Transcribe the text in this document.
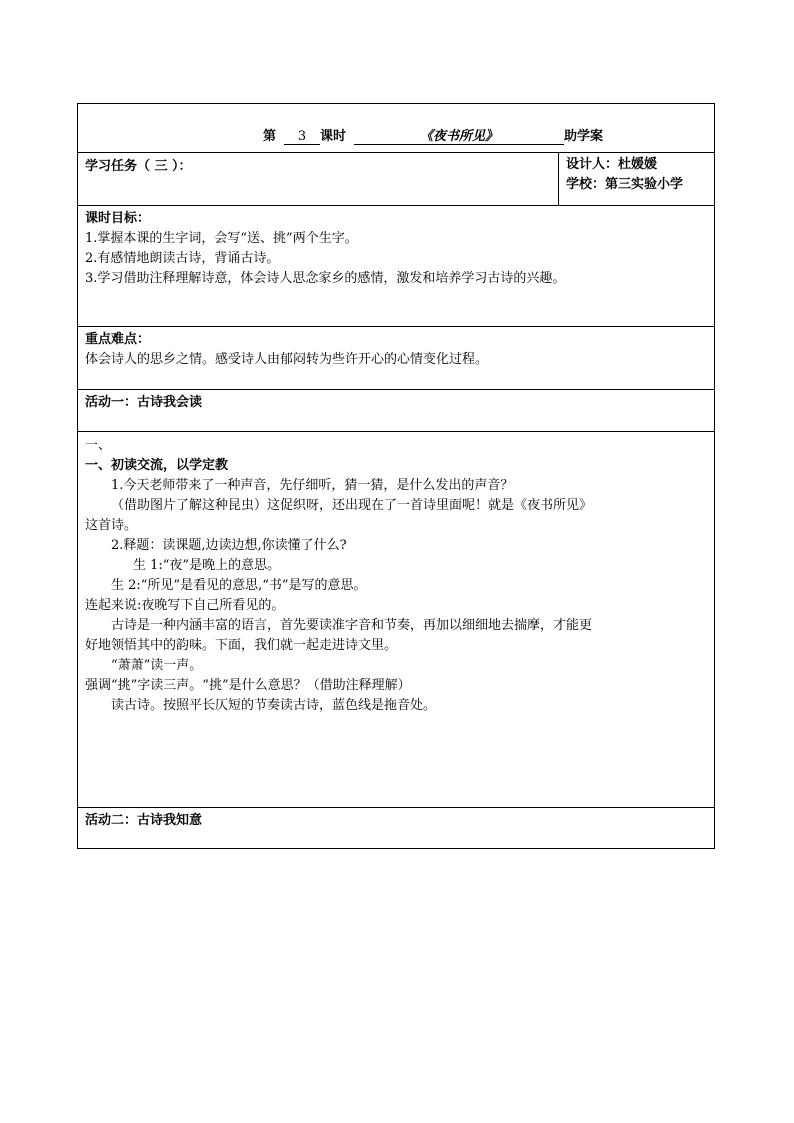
第 3 课时	《夜书所见》	助学案
学习任务（ 三 ）：	设计人：杜媛媛
学校：第三实验小学

课时目标：

1.掌握本课的生字词，会写“送、挑”两个生字。

2.有感情地朗读古诗，背诵古诗。

3.学习借助注释理解诗意，体会诗人思念家乡的感情，激发和培养学习古诗的兴趣。

重点难点：

体会诗人的思乡之情。感受诗人由郁闷转为些许开心的心情变化过程。

活动一：古诗我会读

一、

一、初读交流，以学定教

1.今天老师带来了一种声音，先仔细听，猜一猜，是什么发出的声音？

（借助图片了解这种昆虫）这促织呀，还出现在了一首诗里面呢！就是《夜书所见》

这首诗。

2.释题：读课题,边读边想,你读懂了什么?

生 1:“夜”是晚上的意思。

生 2:“所见”是看见的意思,“书”是写的意思。

连起来说:夜晚写下自己所看见的。

古诗是一种内涵丰富的语言，首先要读准字音和节奏，再加以细细地去揣摩，才能更

好地领悟其中的韵味。下面，我们就一起走进诗文里。

“萧萧”读一声。

强调“挑”字读三声。“挑”是什么意思？（借助注释理解）

读古诗。按照平长仄短的节奏读古诗，蓝色线是拖音处。

活动二：古诗我知意
